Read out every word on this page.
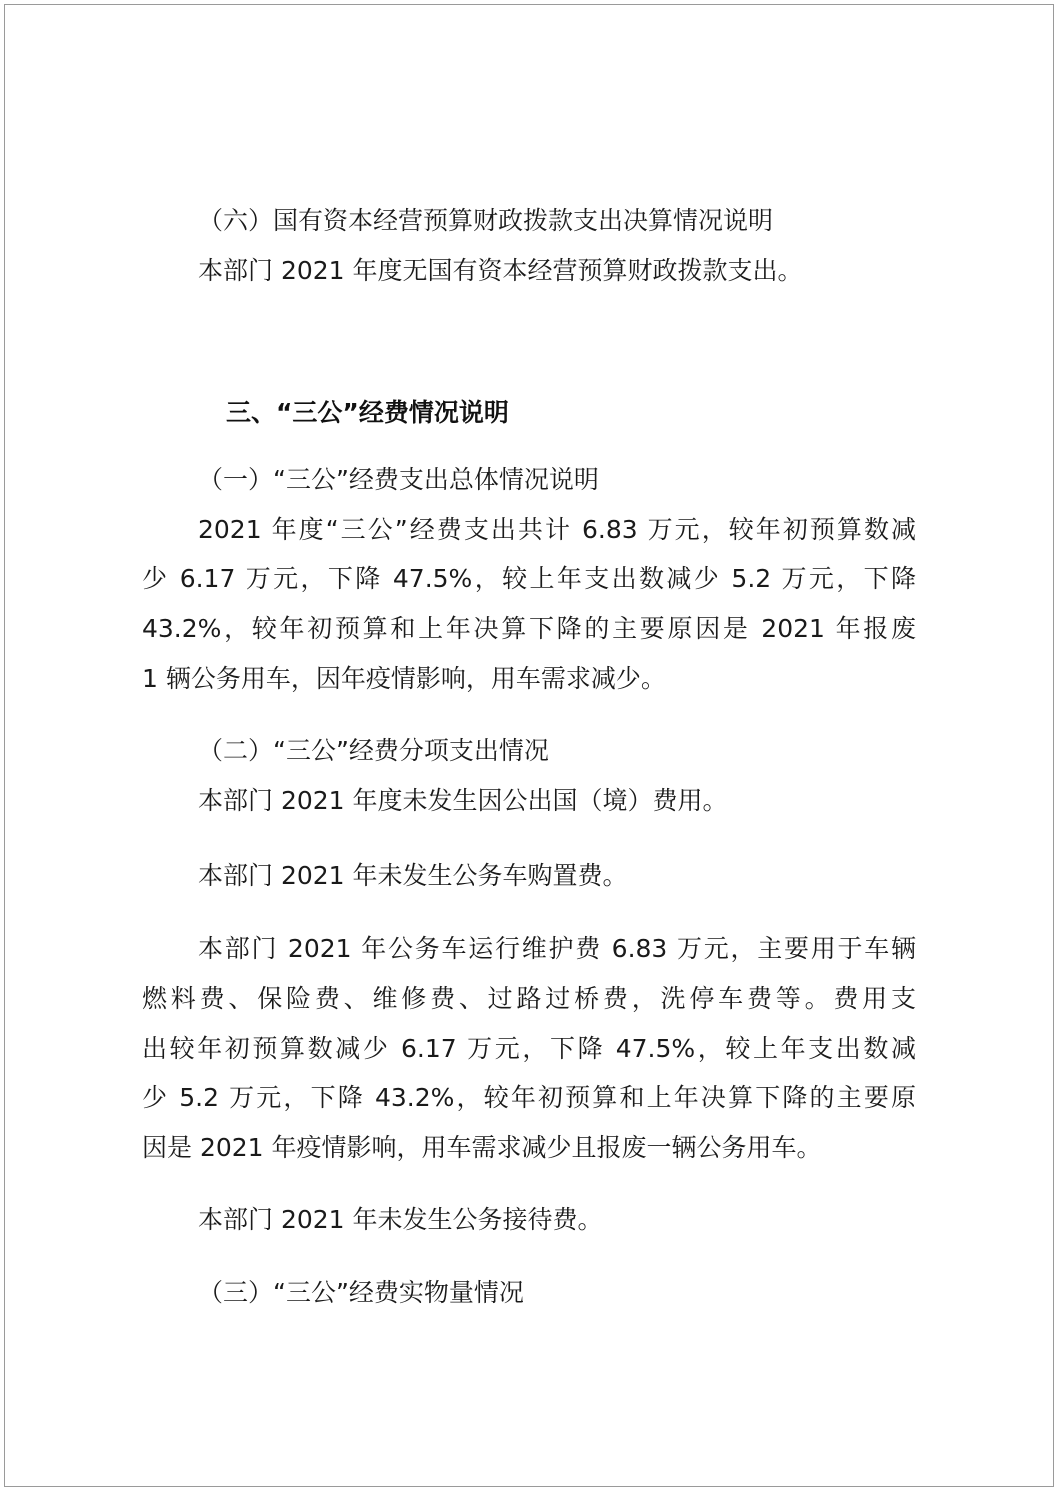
（六）国有资本经营预算财政拨款支出决算情况说明

本部门 2021 年度无国有资本经营预算财政拨款支出。

三、“三公”经费情况说明

（一）“三公”经费支出总体情况说明

2021 年度“三公”经费支出共计 6.83 万元，较年初预算数减

少 6.17 万元，下降 47.5%，较上年支出数减少 5.2 万元，下降

43.2%，较年初预算和上年决算下降的主要原因是 2021 年报废

1 辆公务用车，因年疫情影响，用车需求减少。

（二）“三公”经费分项支出情况

本部门 2021 年度未发生因公出国（境）费用。

本部门 2021 年未发生公务车购置费。

本部门 2021 年公务车运行维护费 6.83 万元，主要用于车辆

燃料费、保险费、维修费、过路过桥费，洗停车费等。费用支

出较年初预算数减少 6.17 万元，下降 47.5%，较上年支出数减

少 5.2 万元，下降 43.2%，较年初预算和上年决算下降的主要原

因是 2021 年疫情影响，用车需求减少且报废一辆公务用车。

本部门 2021 年未发生公务接待费。

（三）“三公”经费实物量情况
